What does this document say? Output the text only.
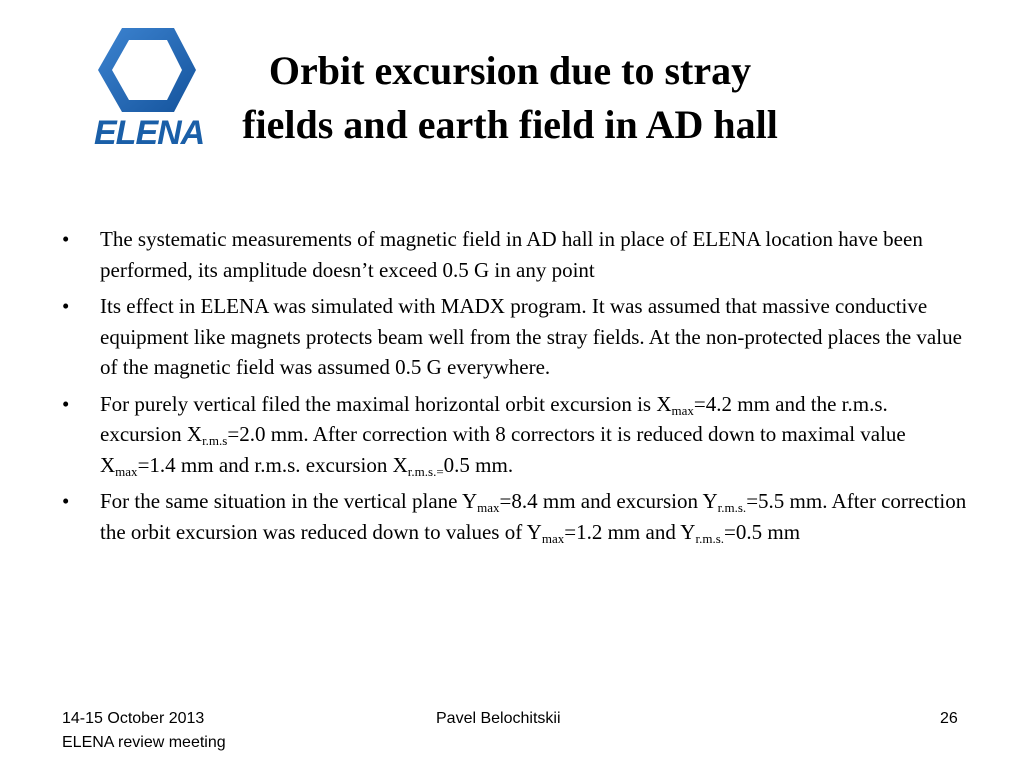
ELENA
Orbit excursion due to stray
fields and earth field in AD hall
• The systematic measurements of magnetic field in AD hall in place of ELENA location have been performed, its amplitude doesn’t exceed 0.5 G in any point
• Its effect in ELENA was simulated with MADX program. It was assumed that massive conductive equipment like magnets protects beam well from the stray fields. At the non-protected places the value of the magnetic field was assumed 0.5 G everywhere.
• For purely vertical filed the maximal horizontal orbit excursion is $X_{max}=4.2$ mm and the r.m.s. excursion $X_{r.m.s}=2.0$ mm. After correction with 8 correctors it is reduced down to maximal value $X_{max}=1.4$ mm and r.m.s. excursion $X_{r.m.s.=}0.5$ mm.
• For the same situation in the vertical plane $Y_{max}=8.4$ mm and excursion $Y_{r.m.s.}=5.5$ mm. After correction the orbit excursion was reduced down to values of $Y_{max}=1.2$ mm and $Y_{r.m.s.}=0.5$ mm
14-15 October 2013
ELENA review meeting
Pavel Belochitskii	26
